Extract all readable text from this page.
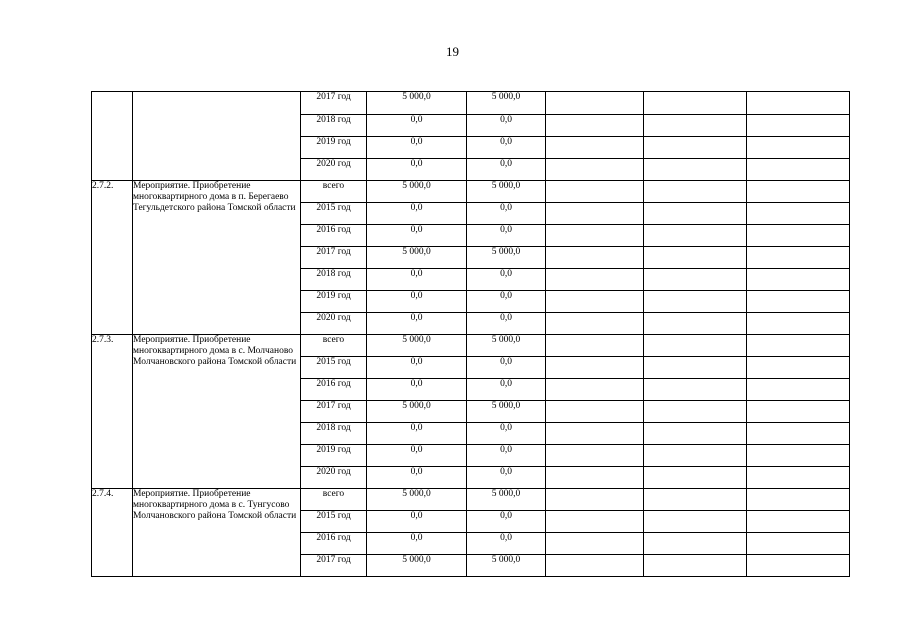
19
		2017 год	5 000,0	5 000,0			
		2018 год	0,0	0,0			
		2019 год	0,0	0,0			
		2020 год	0,0	0,0			
2.7.2.	Мероприятие. Приобретение многоквартирного дома в п. Берегаево Тегульдетского района Томской области	всего	5 000,0	5 000,0			
		2015 год	0,0	0,0			
		2016 год	0,0	0,0			
		2017 год	5 000,0	5 000,0			
		2018 год	0,0	0,0			
		2019 год	0,0	0,0			
		2020 год	0,0	0,0			
2.7.3.	Мероприятие. Приобретение многоквартирного дома в с. Молчаново Молчановского района Томской области	всего	5 000,0	5 000,0			
		2015 год	0,0	0,0			
		2016 год	0,0	0,0			
		2017 год	5 000,0	5 000,0			
		2018 год	0,0	0,0			
		2019 год	0,0	0,0			
		2020 год	0,0	0,0			
2.7.4.	Мероприятие. Приобретение многоквартирного дома в с. Тунгусово Молчановского района Томской области	всего	5 000,0	5 000,0			
		2015 год	0,0	0,0			
		2016 год	0,0	0,0			
		2017 год	5 000,0	5 000,0			
